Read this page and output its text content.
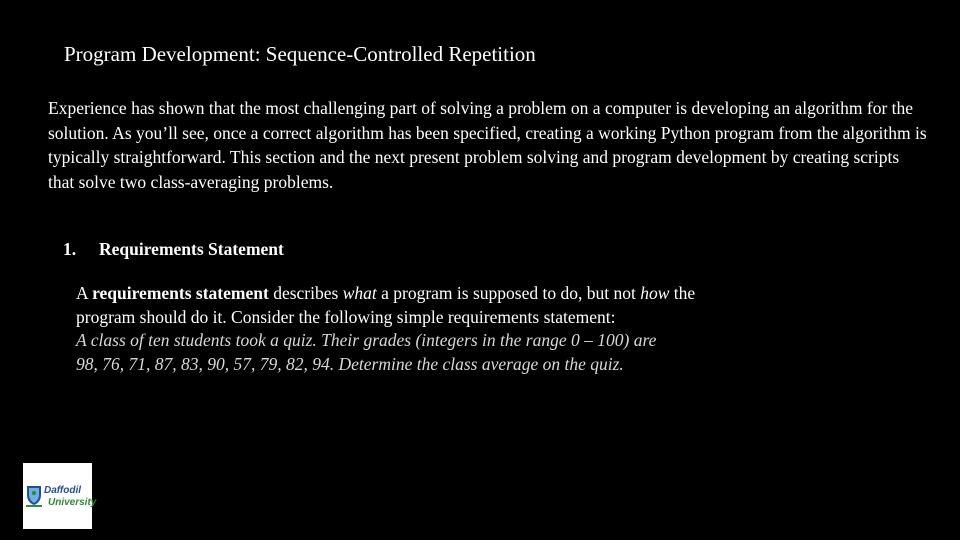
Program Development: Sequence-Controlled Repetition

Experience has shown that the most challenging part of solving a problem on a computer is developing an algorithm for the solution. As you’ll see, once a correct algorithm has been specified, creating a working Python program from the algorithm is typically straightforward. This section and the next present problem solving and program development by creating scripts that solve two class-averaging problems.

1. Requirements Statement
A requirements statement describes what a program is supposed to do, but not how the
program should do it. Consider the following simple requirements statement:
A class of ten students took a quiz. Their grades (integers in the range 0 – 100) are
98, 76, 71, 87, 83, 90, 57, 79, 82, 94. Determine the class average on the quiz.
Daffodil
University
